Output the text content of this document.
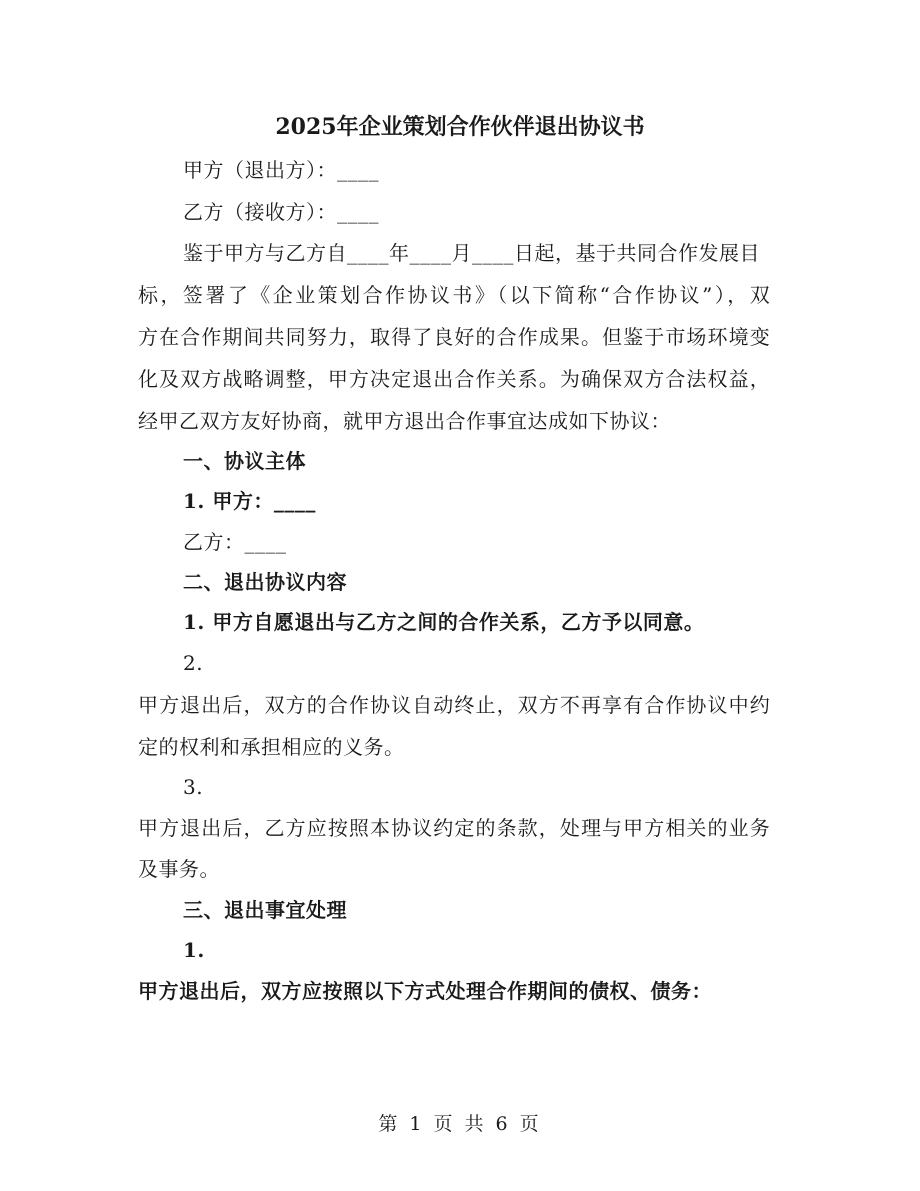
2025年企业策划合作伙伴退出协议书
甲方（退出方）：____
乙方（接收方）：____
鉴于甲方与乙方自____年____月____日起，基于共同合作发展目
标，签署了《企业策划合作协议书》（以下简称“合作协议”），双
方在合作期间共同努力，取得了良好的合作成果。但鉴于市场环境变
化及双方战略调整，甲方决定退出合作关系。为确保双方合法权益，
经甲乙双方友好协商，就甲方退出合作事宜达成如下协议：
一、协议主体
1. 甲方：____
乙方：____
二、退出协议内容
1. 甲方自愿退出与乙方之间的合作关系，乙方予以同意。
2.
甲方退出后，双方的合作协议自动终止，双方不再享有合作协议中约
定的权利和承担相应的义务。
3.
甲方退出后，乙方应按照本协议约定的条款，处理与甲方相关的业务
及事务。
三、退出事宜处理
1.
甲方退出后，双方应按照以下方式处理合作期间的债权、债务：
第 1 页 共 6 页
